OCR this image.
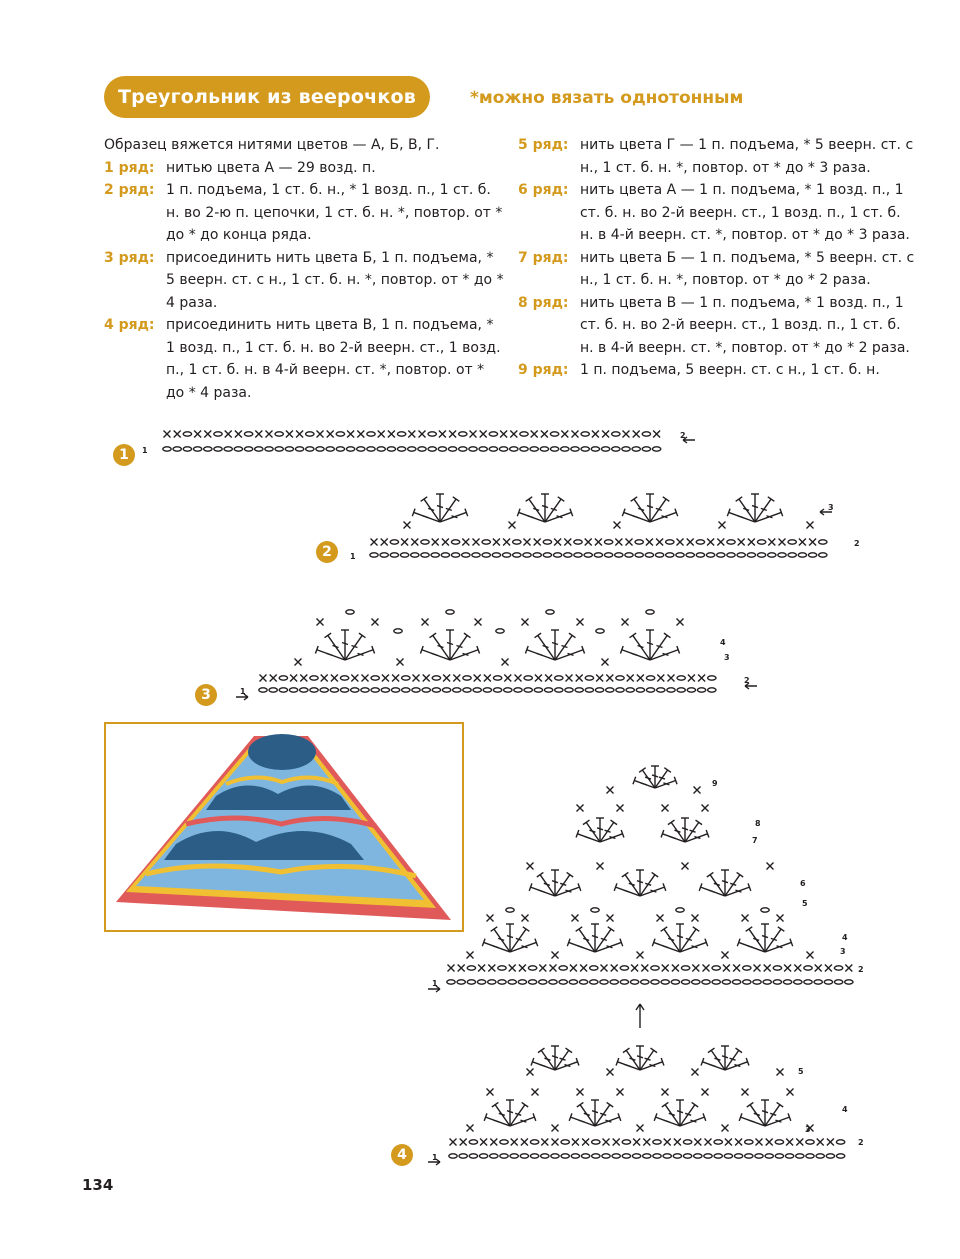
Треугольник из веерочков	*можно вязать однотонным
Образец вяжется нитями цветов — А, Б, В, Г.
1 ряд: нитью цвета А — 29 возд. п.
2 ряд: 1 п. подъема, 1 ст. б. н., * 1 возд. п., 1 ст. б. н. во 2-ю п. цепочки, 1 ст. б. н. *, повтор. от * до * до конца ряда.
3 ряд: присоединить нить цвета Б, 1 п. подъема, * 5 веерн. ст. с н., 1 ст. б. н. *, повтор. от * до * 4 раза.
4 ряд: присоединить нить цвета В, 1 п. подъема, * 1 возд. п., 1 ст. б. н. во 2-й веерн. ст., 1 возд. п., 1 ст. б. н. в 4-й веерн. ст. *, повтор. от * до * 4 раза.
5 ряд: нить цвета Г — 1 п. подъема, * 5 веерн. ст. с н., 1 ст. б. н. *, повтор. от * до * 3 раза.
6 ряд: нить цвета А — 1 п. подъема, * 1 возд. п., 1 ст. б. н. во 2-й веерн. ст., 1 возд. п., 1 ст. б. н. в 4-й веерн. ст. *, повтор. от * до * 3 раза.
7 ряд: нить цвета Б — 1 п. подъема, * 5 веерн. ст. с н., 1 ст. б. н. *, повтор. от * до * 2 раза.
8 ряд: нить цвета В — 1 п. подъема, * 1 возд. п., 1 ст. б. н. во 2-й веерн. ст., 1 возд. п., 1 ст. б. н. в 4-й веерн. ст. *, повтор. от * до * 2 раза.
9 ряд: 1 п. подъема, 5 веерн. ст. с н., 1 ст. б. н.
1
2
3
4
1
2
1
2
3
1
2
4
3
1
2
4
3
6
5
8
7
9
1
2
4
3
5
134
